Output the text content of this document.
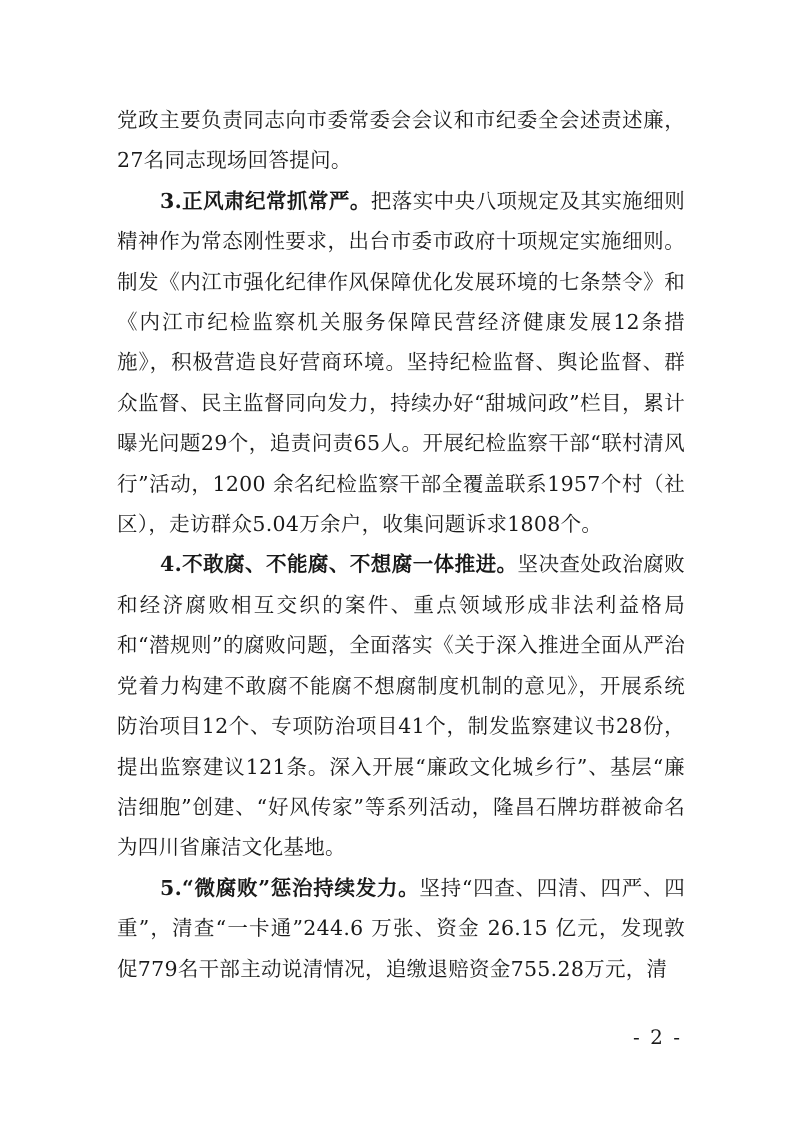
党政主要负责同志向市委常委会会议和市纪委全会述责述廉，27名同志现场回答提问。

3.正风肃纪常抓常严。把落实中央八项规定及其实施细则精神作为常态刚性要求，出台市委市政府十项规定实施细则。制发《内江市强化纪律作风保障优化发展环境的七条禁令》和《内江市纪检监察机关服务保障民营经济健康发展12条措施》，积极营造良好营商环境。坚持纪检监督、舆论监督、群众监督、民主监督同向发力，持续办好“甜城问政”栏目，累计曝光问题29个，追责问责65人。开展纪检监察干部“联村清风行”活动，1200 余名纪检监察干部全覆盖联系1957个村（社区），走访群众5.04万余户，收集问题诉求1808个。

4.不敢腐、不能腐、不想腐一体推进。坚决查处政治腐败和经济腐败相互交织的案件、重点领域形成非法利益格局和“潜规则”的腐败问题，全面落实《关于深入推进全面从严治党着力构建不敢腐不能腐不想腐制度机制的意见》，开展系统防治项目12个、专项防治项目41个，制发监察建议书28份，提出监察建议121条。深入开展“廉政文化城乡行”、基层“廉洁细胞”创建、“好风传家”等系列活动，隆昌石牌坊群被命名为四川省廉洁文化基地。

5.“微腐败”惩治持续发力。坚持“四查、四清、四严、四重”，清查“一卡通”244.6 万张、资金 26.15 亿元，发现敦促779名干部主动说清情况，追缴退赔资金755.28万元，清

- 2 -
